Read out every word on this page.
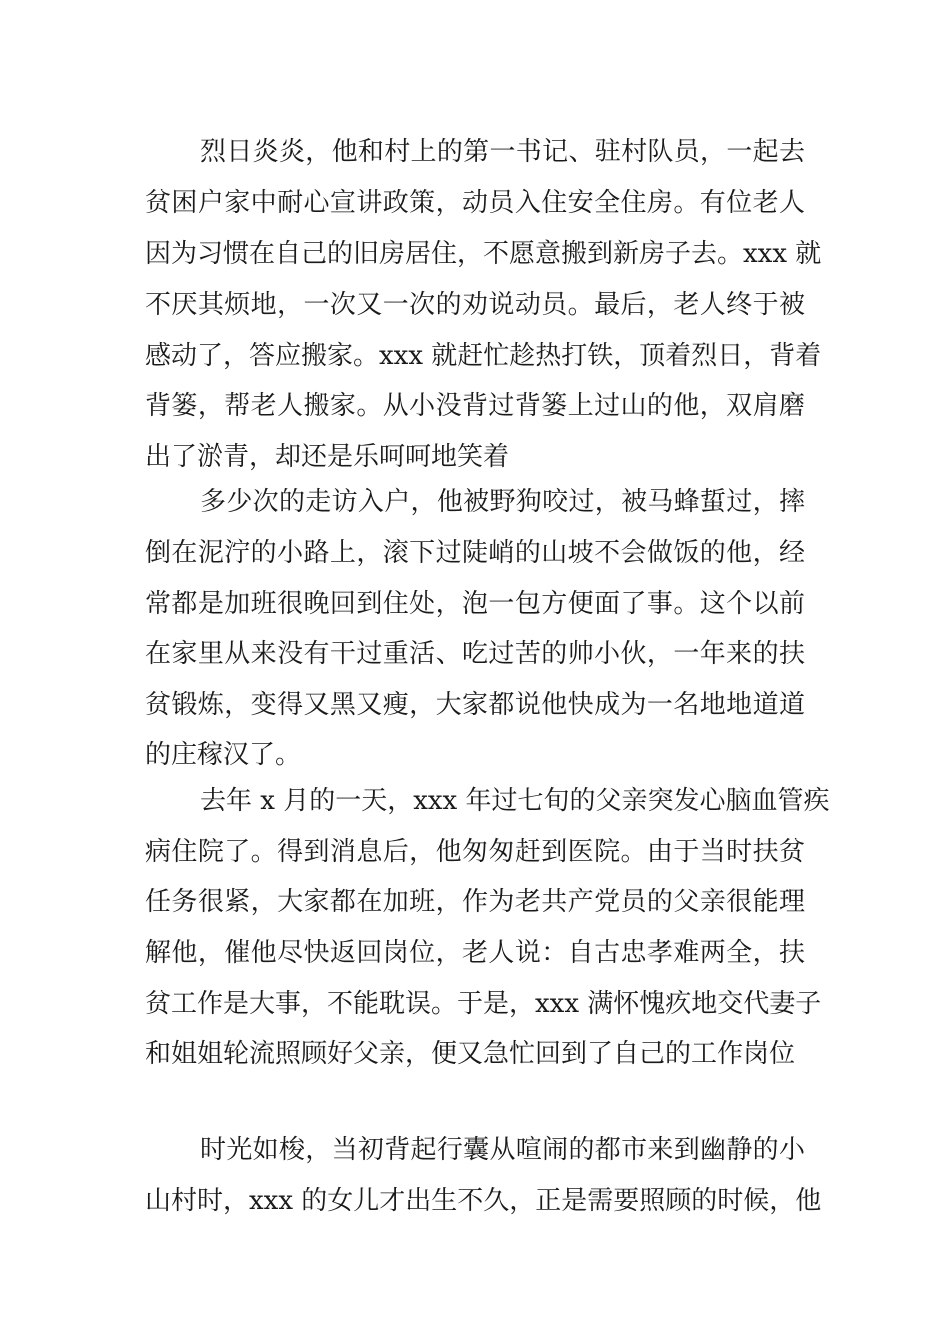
烈日炎炎，他和村上的第一书记、驻村队员，一起去

贫困户家中耐心宣讲政策，动员入住安全住房。有位老人

因为习惯在自己的旧房居住，不愿意搬到新房子去。xxx 就

不厌其烦地，一次又一次的劝说动员。最后，老人终于被

感动了，答应搬家。xxx 就赶忙趁热打铁，顶着烈日，背着

背篓，帮老人搬家。从小没背过背篓上过山的他，双肩磨

出了淤青，却还是乐呵呵地笑着

多少次的走访入户，他被野狗咬过，被马蜂蜇过，摔

倒在泥泞的小路上，滚下过陡峭的山坡不会做饭的他，经

常都是加班很晚回到住处，泡一包方便面了事。这个以前

在家里从来没有干过重活、吃过苦的帅小伙，一年来的扶

贫锻炼，变得又黑又瘦，大家都说他快成为一名地地道道

的庄稼汉了。

去年 x 月的一天，xxx 年过七旬的父亲突发心脑血管疾

病住院了。得到消息后，他匆匆赶到医院。由于当时扶贫

任务很紧，大家都在加班，作为老共产党员的父亲很能理

解他，催他尽快返回岗位，老人说：自古忠孝难两全，扶

贫工作是大事，不能耽误。于是，xxx 满怀愧疚地交代妻子

和姐姐轮流照顾好父亲，便又急忙回到了自己的工作岗位

时光如梭，当初背起行囊从喧闹的都市来到幽静的小

山村时，xxx 的女儿才出生不久，正是需要照顾的时候，他
